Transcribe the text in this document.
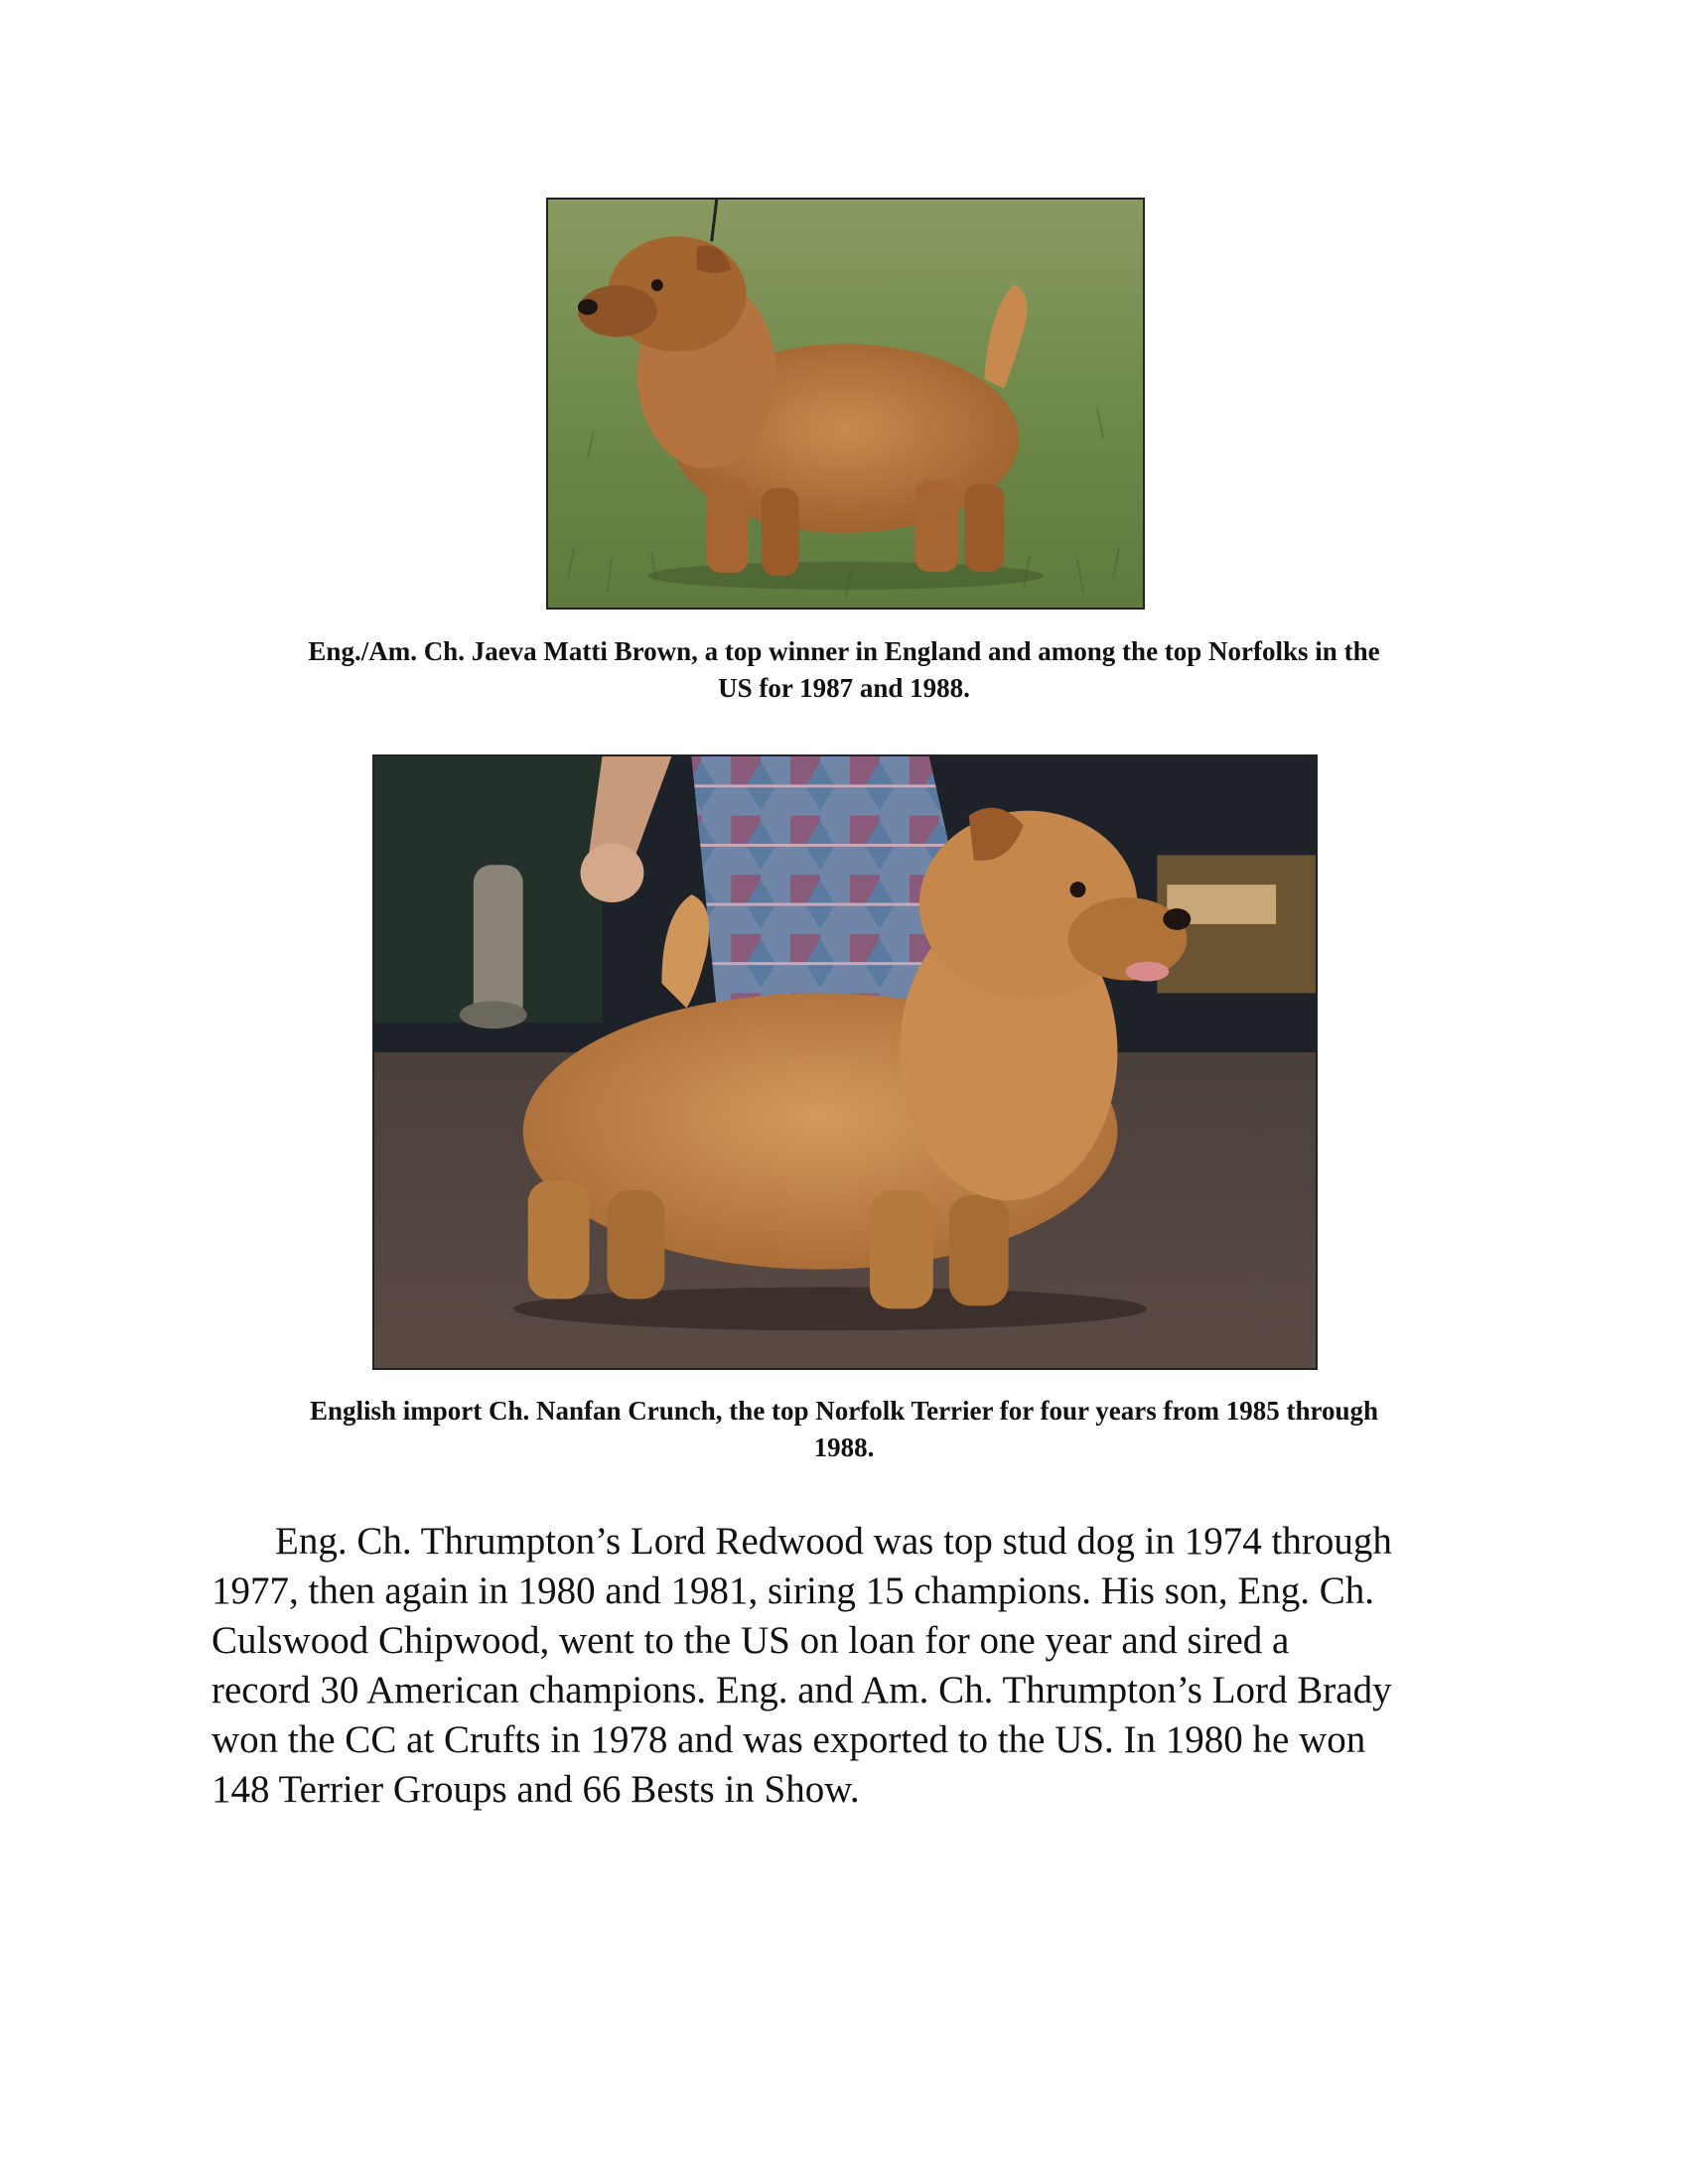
Eng./Am. Ch. Jaeva Matti Brown, a top winner in England and among the top Norfolks in the
US for 1987 and 1988.
English import Ch. Nanfan Crunch, the top Norfolk Terrier for four years from 1985 through
1988.
Eng. Ch. Thrumpton’s Lord Redwood was top stud dog in 1974 through
1977, then again in 1980 and 1981, siring 15 champions. His son, Eng. Ch.
Culswood Chipwood, went to the US on loan for one year and sired a
record 30 American champions. Eng. and Am. Ch. Thrumpton’s Lord Brady
won the CC at Crufts in 1978 and was exported to the US. In 1980 he won
148 Terrier Groups and 66 Bests in Show.
